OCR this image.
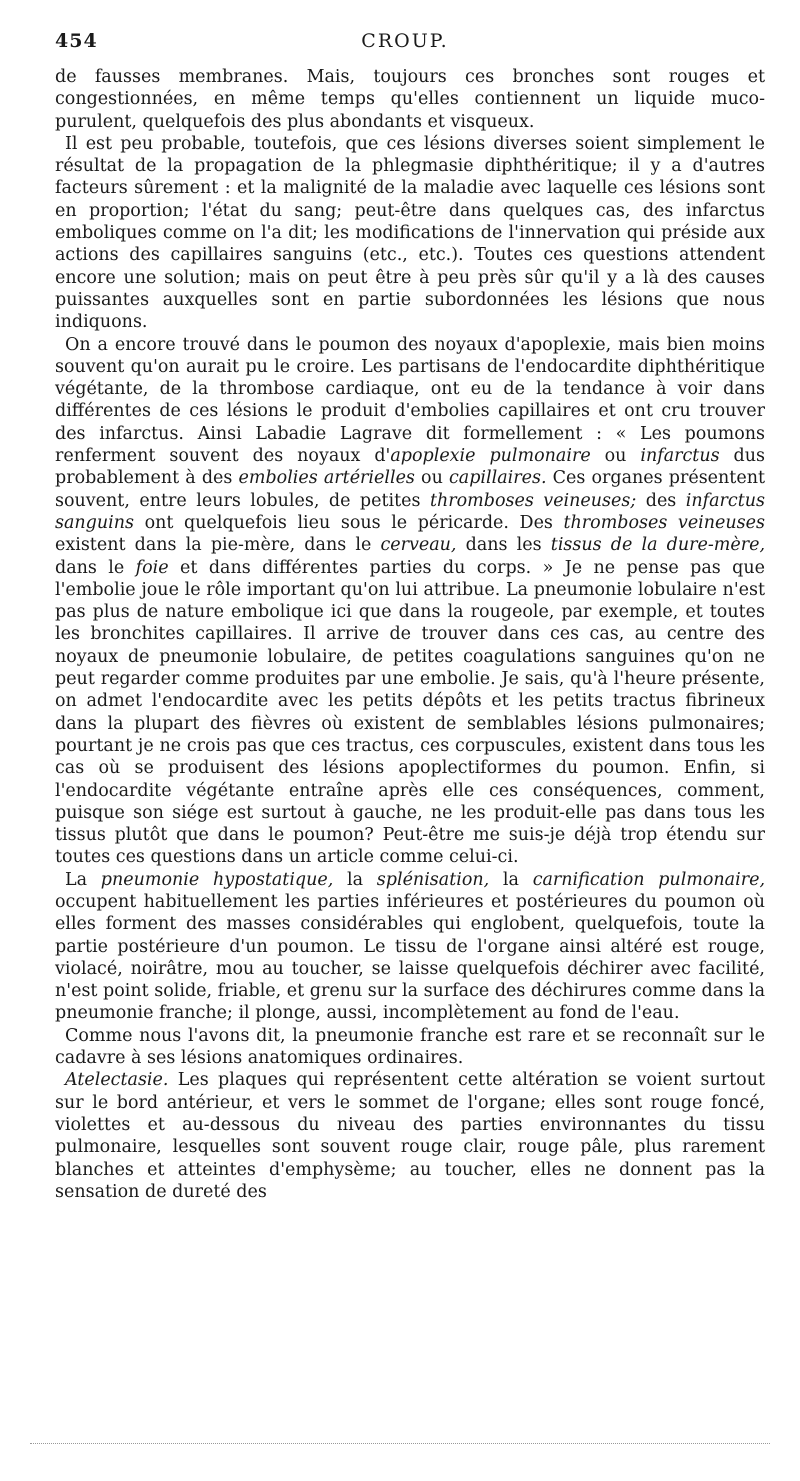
454	CROUP.

de fausses membranes. Mais, toujours ces bronches sont rouges et congestionnées, en même temps qu'elles contiennent un liquide muco-purulent, quelquefois des plus abondants et visqueux.

Il est peu probable, toutefois, que ces lésions diverses soient simplement le résultat de la propagation de la phlegmasie diphthéritique; il y a d'autres facteurs sûrement : et la malignité de la maladie avec laquelle ces lésions sont en proportion; l'état du sang; peut-être dans quelques cas, des infarctus emboliques comme on l'a dit; les modifications de l'innervation qui préside aux actions des capillaires sanguins (etc., etc.). Toutes ces questions attendent encore une solution; mais on peut être à peu près sûr qu'il y a là des causes puissantes auxquelles sont en partie subordonnées les lésions que nous indiquons.

On a encore trouvé dans le poumon des noyaux d'apoplexie, mais bien moins souvent qu'on aurait pu le croire. Les partisans de l'endocardite diphthéritique végétante, de la thrombose cardiaque, ont eu de la tendance à voir dans différentes de ces lésions le produit d'embolies capillaires et ont cru trouver des infarctus. Ainsi Labadie Lagrave dit formellement : « Les poumons renferment souvent des noyaux d'apoplexie pulmonaire ou infarctus dus probablement à des embolies artérielles ou capillaires. Ces organes présentent souvent, entre leurs lobules, de petites thromboses veineuses; des infarctus sanguins ont quelquefois lieu sous le péricarde. Des thromboses veineuses existent dans la pie-mère, dans le cerveau, dans les tissus de la dure-mère, dans le foie et dans différentes parties du corps. » Je ne pense pas que l'embolie joue le rôle important qu'on lui attribue. La pneumonie lobulaire n'est pas plus de nature embolique ici que dans la rougeole, par exemple, et toutes les bronchites capillaires. Il arrive de trouver dans ces cas, au centre des noyaux de pneumonie lobulaire, de petites coagulations sanguines qu'on ne peut regarder comme produites par une embolie. Je sais, qu'à l'heure présente, on admet l'endocardite avec les petits dépôts et les petits tractus fibrineux dans la plupart des fièvres où existent de semblables lésions pulmonaires; pourtant je ne crois pas que ces tractus, ces corpuscules, existent dans tous les cas où se produisent des lésions apoplectiformes du poumon. Enfin, si l'endocardite végétante entraîne après elle ces conséquences, comment, puisque son siége est surtout à gauche, ne les produit-elle pas dans tous les tissus plutôt que dans le poumon? Peut-être me suis-je déjà trop étendu sur toutes ces questions dans un article comme celui-ci.

La pneumonie hypostatique, la splénisation, la carnification pulmonaire, occupent habituellement les parties inférieures et postérieures du poumon où elles forment des masses considérables qui englobent, quelquefois, toute la partie postérieure d'un poumon. Le tissu de l'organe ainsi altéré est rouge, violacé, noirâtre, mou au toucher, se laisse quelquefois déchirer avec facilité, n'est point solide, friable, et grenu sur la surface des déchirures comme dans la pneumonie franche; il plonge, aussi, incomplètement au fond de l'eau.

Comme nous l'avons dit, la pneumonie franche est rare et se reconnaît sur le cadavre à ses lésions anatomiques ordinaires.

Atelectasie. Les plaques qui représentent cette altération se voient surtout sur le bord antérieur, et vers le sommet de l'organe; elles sont rouge foncé, violettes et au-dessous du niveau des parties environnantes du tissu pulmonaire, lesquelles sont souvent rouge clair, rouge pâle, plus rarement blanches et atteintes d'emphysème; au toucher, elles ne donnent pas la sensation de dureté des
